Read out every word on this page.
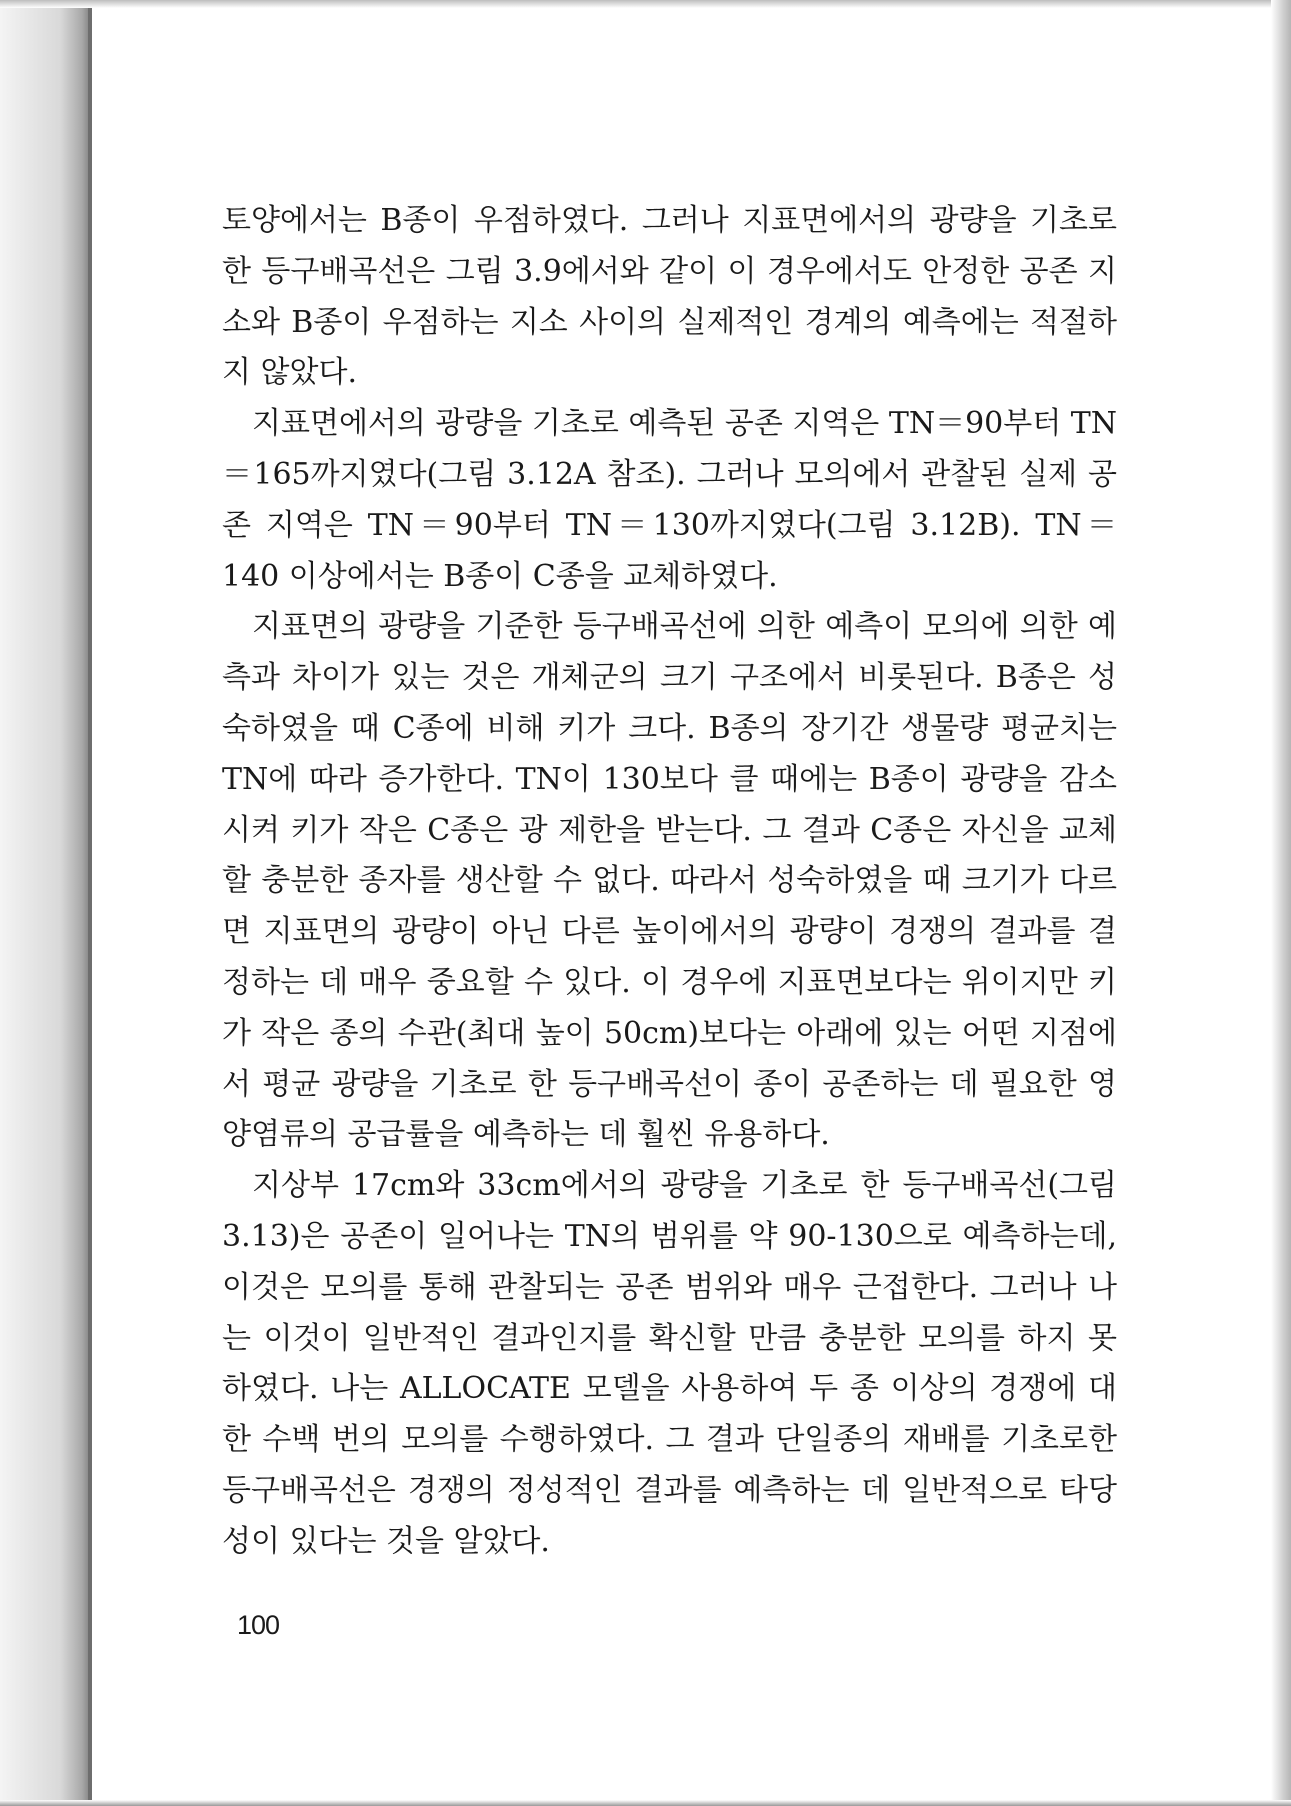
토양에서는 B종이 우점하였다. 그러나 지표면에서의 광량을 기초로 한 등구배곡선은 그림 3.9에서와 같이 이 경우에서도 안정한 공존 지소와 B종이 우점하는 지소 사이의 실제적인 경계의 예측에는 적절하지 않았다.

지표면에서의 광량을 기초로 예측된 공존 지역은 TN＝90부터 TN＝165까지였다(그림 3.12A 참조). 그러나 모의에서 관찰된 실제 공존 지역은 TN＝90부터 TN＝130까지였다(그림 3.12B). TN＝140 이상에서는 B종이 C종을 교체하였다.

지표면의 광량을 기준한 등구배곡선에 의한 예측이 모의에 의한 예측과 차이가 있는 것은 개체군의 크기 구조에서 비롯된다. B종은 성숙하였을 때 C종에 비해 키가 크다. B종의 장기간 생물량 평균치는 TN에 따라 증가한다. TN이 130보다 클 때에는 B종이 광량을 감소시켜 키가 작은 C종은 광 제한을 받는다. 그 결과 C종은 자신을 교체할 충분한 종자를 생산할 수 없다. 따라서 성숙하였을 때 크기가 다르면 지표면의 광량이 아닌 다른 높이에서의 광량이 경쟁의 결과를 결정하는 데 매우 중요할 수 있다. 이 경우에 지표면보다는 위이지만 키가 작은 종의 수관(최대 높이 50cm)보다는 아래에 있는 어떤 지점에서 평균 광량을 기초로 한 등구배곡선이 종이 공존하는 데 필요한 영양염류의 공급률을 예측하는 데 훨씬 유용하다.

지상부 17cm와 33cm에서의 광량을 기초로 한 등구배곡선(그림 3.13)은 공존이 일어나는 TN의 범위를 약 90-130으로 예측하는데, 이것은 모의를 통해 관찰되는 공존 범위와 매우 근접한다. 그러나 나는 이것이 일반적인 결과인지를 확신할 만큼 충분한 모의를 하지 못하였다. 나는 ALLOCATE 모델을 사용하여 두 종 이상의 경쟁에 대한 수백 번의 모의를 수행하였다. 그 결과 단일종의 재배를 기초로한 등구배곡선은 경쟁의 정성적인 결과를 예측하는 데 일반적으로 타당성이 있다는 것을 알았다.

100
